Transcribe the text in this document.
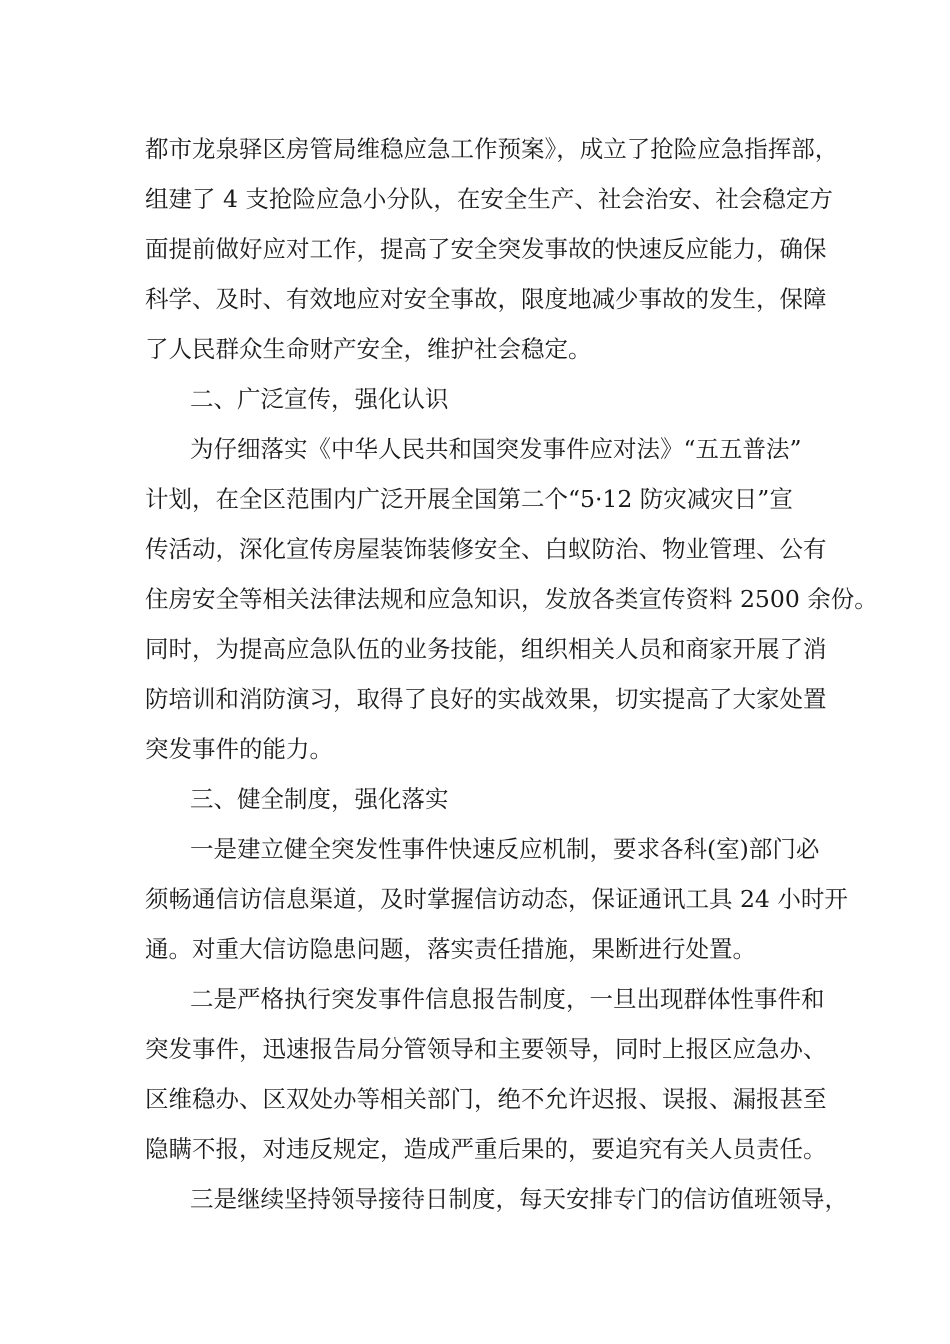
都市龙泉驿区房管局维稳应急工作预案》，成立了抢险应急指挥部，
组建了 4 支抢险应急小分队，在安全生产、社会治安、社会稳定方
面提前做好应对工作，提高了安全突发事故的快速反应能力，确保
科学、及时、有效地应对安全事故，限度地减少事故的发生，保障
了人民群众生命财产安全，维护社会稳定。
二、广泛宣传，强化认识
为仔细落实《中华人民共和国突发事件应对法》“五五普法”
计划，在全区范围内广泛开展全国第二个“5·12 防灾减灾日”宣
传活动，深化宣传房屋装饰装修安全、白蚁防治、物业管理、公有
住房安全等相关法律法规和应急知识，发放各类宣传资料 2500 余份。
同时，为提高应急队伍的业务技能，组织相关人员和商家开展了消
防培训和消防演习，取得了良好的实战效果，切实提高了大家处置
突发事件的能力。
三、健全制度，强化落实
一是建立健全突发性事件快速反应机制，要求各科(室)部门必
须畅通信访信息渠道，及时掌握信访动态，保证通讯工具 24 小时开
通。对重大信访隐患问题，落实责任措施，果断进行处置。
二是严格执行突发事件信息报告制度，一旦出现群体性事件和
突发事件，迅速报告局分管领导和主要领导，同时上报区应急办、
区维稳办、区双处办等相关部门，绝不允许迟报、误报、漏报甚至
隐瞒不报，对违反规定，造成严重后果的，要追究有关人员责任。
三是继续坚持领导接待日制度，每天安排专门的信访值班领导，
